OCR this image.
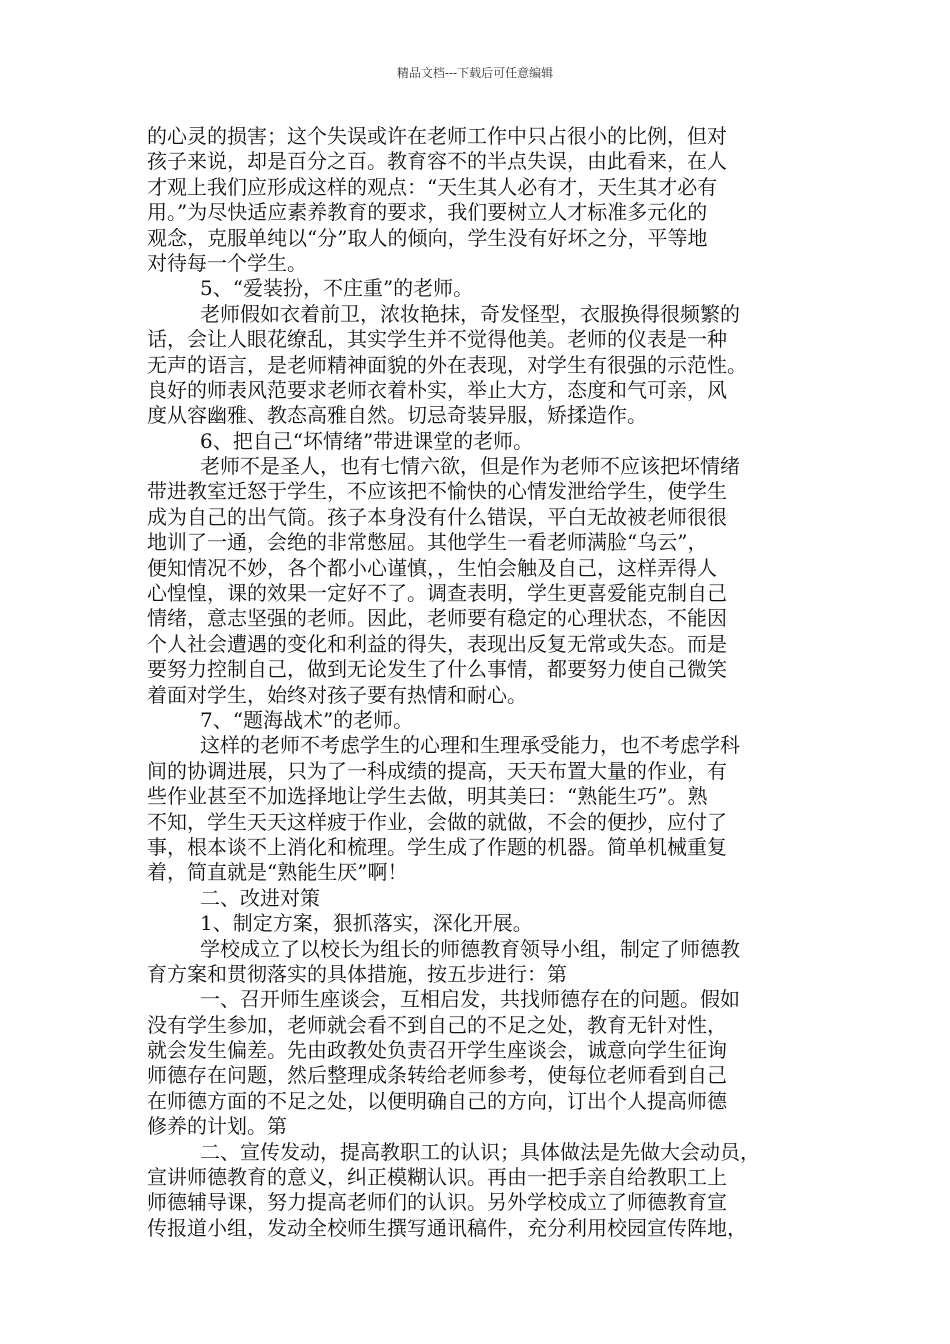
精品文档---下载后可任意编辑
的心灵的损害；这个失误或许在老师工作中只占很小的比例，但对
孩子来说，却是百分之百。教育容不的半点失误，由此看来，在人
才观上我们应形成这样的观点：“天生其人必有才，天生其才必有
用。”为尽快适应素养教育的要求，我们要树立人才标准多元化的
观念，克服单纯以“分”取人的倾向，学生没有好坏之分，平等地
对待每一个学生。
5、“爱装扮，不庄重”的老师。
老师假如衣着前卫，浓妆艳抹，奇发怪型，衣服换得很频繁的
话，会让人眼花缭乱，其实学生并不觉得他美。老师的仪表是一种
无声的语言，是老师精神面貌的外在表现，对学生有很强的示范性。
良好的师表风范要求老师衣着朴实，举止大方，态度和气可亲，风
度从容幽雅、教态高雅自然。切忌奇装异服，矫揉造作。
6、把自己“坏情绪”带进课堂的老师。
老师不是圣人，也有七情六欲，但是作为老师不应该把坏情绪
带进教室迁怒于学生，不应该把不愉快的心情发泄给学生，使学生
成为自己的出气筒。孩子本身没有什么错误，平白无故被老师很很
地训了一通，会绝的非常憋屈。其他学生一看老师满脸“乌云”，
便知情况不妙，各个都小心谨慎，，生怕会触及自己，这样弄得人
心惶惶，课的效果一定好不了。调查表明，学生更喜爱能克制自己
情绪，意志坚强的老师。因此，老师要有稳定的心理状态，不能因
个人社会遭遇的变化和利益的得失，表现出反复无常或失态。而是
要努力控制自己，做到无论发生了什么事情，都要努力使自己微笑
着面对学生，始终对孩子要有热情和耐心。
7、“题海战术”的老师。
这样的老师不考虑学生的心理和生理承受能力，也不考虑学科
间的协调进展，只为了一科成绩的提高，天天布置大量的作业，有
些作业甚至不加选择地让学生去做，明其美曰：“熟能生巧”。熟
不知，学生天天这样疲于作业，会做的就做，不会的便抄，应付了
事，根本谈不上消化和梳理。学生成了作题的机器。简单机械重复
着，简直就是“熟能生厌”啊！
二、改进对策
1、制定方案，狠抓落实，深化开展。
学校成立了以校长为组长的师德教育领导小组，制定了师德教
育方案和贯彻落实的具体措施，按五步进行：第
一、召开师生座谈会，互相启发，共找师德存在的问题。假如
没有学生参加，老师就会看不到自己的不足之处，教育无针对性，
就会发生偏差。先由政教处负责召开学生座谈会，诚意向学生征询
师德存在问题，然后整理成条转给老师参考，使每位老师看到自己
在师德方面的不足之处，以便明确自己的方向，订出个人提高师德
修养的计划。第
二、宣传发动，提高教职工的认识；具体做法是先做大会动员，
宣讲师德教育的意义，纠正模糊认识。再由一把手亲自给教职工上
师德辅导课，努力提高老师们的认识。另外学校成立了师德教育宣
传报道小组，发动全校师生撰写通讯稿件，充分利用校园宣传阵地，
